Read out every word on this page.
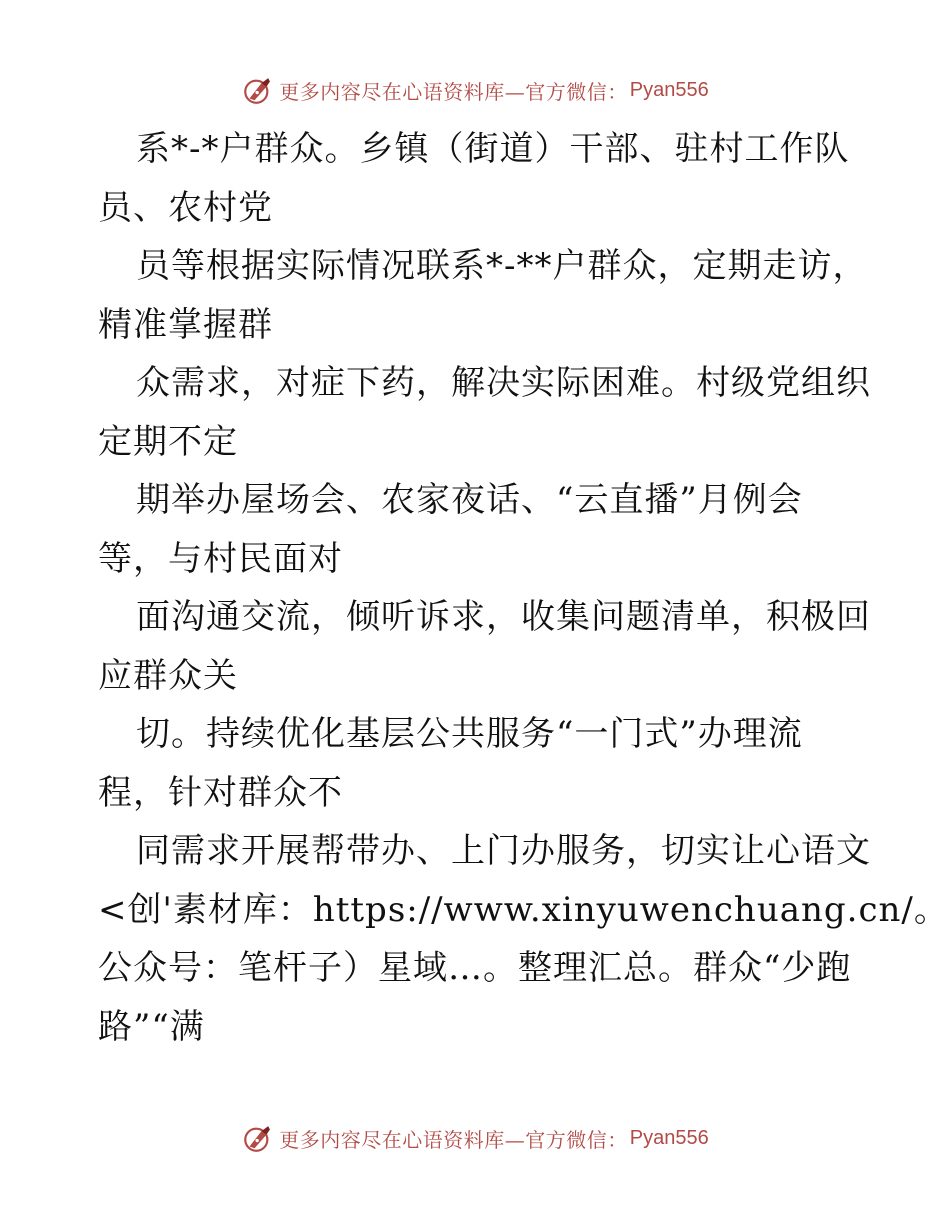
更多内容尽在心语资料库—官方微信： Pyan556
系*-*户群众。乡镇（街道）干部、驻村工作队
员、农村党
员等根据实际情况联系*-**户群众，定期走访，
精准掌握群
众需求，对症下药，解决实际困难。村级党组织
定期不定
期举办屋场会、农家夜话、“云直播”月例会
等，与村民面对
面沟通交流，倾听诉求，收集问题清单，积极回
应群众关
切。持续优化基层公共服务“一门式”办理流
程，针对群众不
同需求开展帮带办、上门办服务，切实让心语文
<创'素材库：https://www.xinyuwenchuang.cn/。
公众号：笔杆子）星域…。整理汇总。群众“少跑
路”“满
更多内容尽在心语资料库—官方微信： Pyan556
